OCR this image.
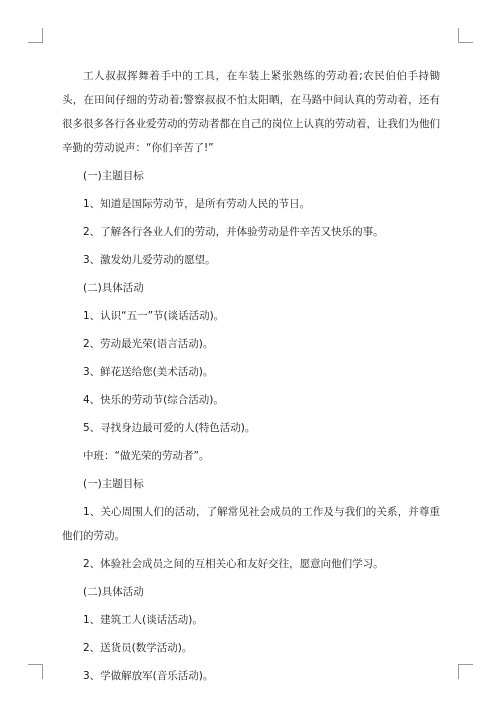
工人叔叔挥舞着手中的工具，在车装上紧张熟练的劳动着;农民伯伯手持锄头，在田间仔细的劳动着;警察叔叔不怕太阳晒，在马路中间认真的劳动着，还有很多很多各行各业爱劳动的劳动者都在自己的岗位上认真的劳动着，让我们为他们辛勤的劳动说声：“你们辛苦了!”

(一)主题目标

1、知道是国际劳动节，是所有劳动人民的节日。

2、了解各行各业人们的劳动，并体验劳动是件辛苦又快乐的事。

3、激发幼儿爱劳动的愿望。

(二)具体活动

1、认识“五一”节(谈话活动)。

2、劳动最光荣(语言活动)。

3、鲜花送给您(美术活动)。

4、快乐的劳动节(综合活动)。

5、寻找身边最可爱的人(特色活动)。

中班：“做光荣的劳动者”。

(一)主题目标

1、关心周围人们的活动，了解常见社会成员的工作及与我们的关系，并尊重他们的劳动。

2、体验社会成员之间的互相关心和友好交往，愿意向他们学习。

(二)具体活动

1、建筑工人(谈话活动)。

2、送货员(数学活动)。

3、学做解放军(音乐活动)。
